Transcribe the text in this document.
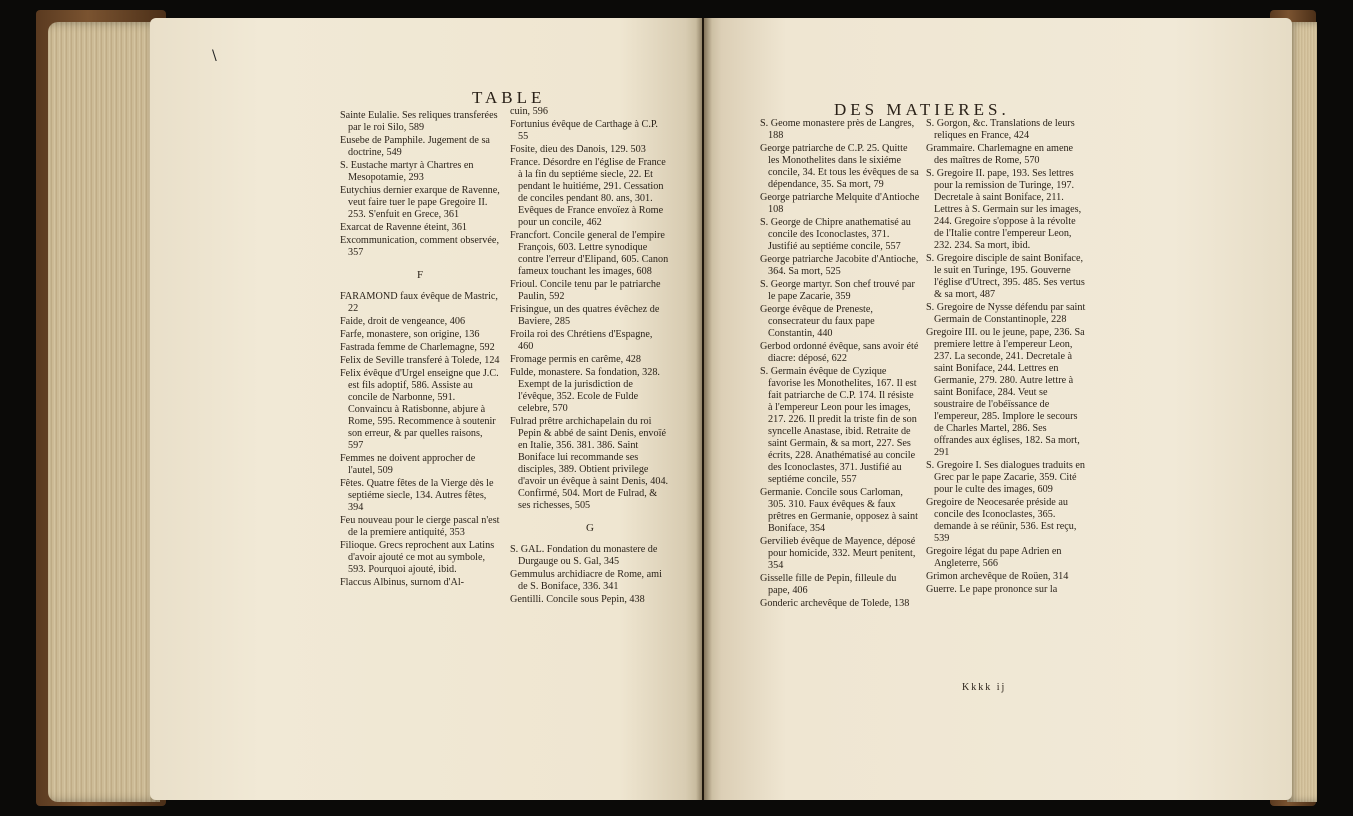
\
TABLE

Sainte Eulalie. Ses reliques transferées par le roi Silo, 589

Eusebe de Pamphile. Jugement de sa doctrine, 549

S. Eustache martyr à Chartres en Mesopotamie, 293

Eutychius dernier exarque de Ravenne, veut faire tuer le pape Gregoire II. 253. S'enfuit en Grece, 361

Exarcat de Ravenne éteint, 361

Excommunication, comment observée, 357

F

FARAMOND faux évêque de Mastric, 22

Faide, droit de vengeance, 406

Farfe, monastere, son origine, 136

Fastrada femme de Charlemagne, 592

Felix de Seville transferé à Tolede, 124

Felix évêque d'Urgel enseigne que J.C. est fils adoptif, 586. Assiste au concile de Narbonne, 591. Convaincu à Ratisbonne, abjure à Rome, 595. Recommence à soutenir son erreur, & par quelles raisons, 597

Femmes ne doivent approcher de l'autel, 509

Fêtes. Quatre fêtes de la Vierge dès le septiéme siecle, 134. Autres fêtes, 394

Feu nouveau pour le cierge pascal n'est de la premiere antiquité, 353

Filioque. Grecs reprochent aux Latins d'avoir ajouté ce mot au symbole, 593. Pourquoi ajouté, ibid.

Flaccus Albinus, surnom d'Al-

cuin, 596

Fortunius évêque de Carthage à C.P. 55

Fosite, dieu des Danois, 129. 503

France. Désordre en l'église de France à la fin du septiéme siecle, 22. Et pendant le huitiéme, 291. Cessation de conciles pendant 80. ans, 301. Evêques de France envoïez à Rome pour un concile, 462

Francfort. Concile general de l'empire François, 603. Lettre synodique contre l'erreur d'Elipand, 605. Canon fameux touchant les images, 608

Frioul. Concile tenu par le patriarche Paulin, 592

Frisingue, un des quatres évêchez de Baviere, 285

Froila roi des Chrétiens d'Espagne, 460

Fromage permis en carême, 428

Fulde, monastere. Sa fondation, 328. Exempt de la jurisdiction de l'évêque, 352. Ecole de Fulde celebre, 570

Fulrad prêtre archichapelain du roi Pepin & abbé de saint Denis, envoïé en Italie, 356. 381. 386. Saint Boniface lui recommande ses disciples, 389. Obtient privilege d'avoir un évêque à saint Denis, 404. Confirmé, 504. Mort de Fulrad, & ses richesses, 505

G

S. GAL. Fondation du monastere de Durgauge ou S. Gal, 345

Gemmulus archidiacre de Rome, ami de S. Boniface, 336. 341

Gentilli. Concile sous Pepin, 438

DES MATIERES.

S. Geome monastere près de Langres, 188

George patriarche de C.P. 25. Quitte les Monothelites dans le sixiéme concile, 34. Et tous les évêques de sa dépendance, 35. Sa mort, 79

George patriarche Melquite d'Antioche 108

S. George de Chipre anathematisé au concile des Iconoclastes, 371. Justifié au septiéme concile, 557

George patriarche Jacobite d'Antioche, 364. Sa mort, 525

S. George martyr. Son chef trouvé par le pape Zacarie, 359

George évêque de Preneste, consecrateur du faux pape Constantin, 440

Gerbod ordonné évêque, sans avoir été diacre: déposé, 622

S. Germain évêque de Cyzique favorise les Monothelites, 167. Il est fait patriarche de C.P. 174. Il résiste à l'empereur Leon pour les images, 217. 226. Il predit la triste fin de son syncelle Anastase, ibid. Retraite de saint Germain, & sa mort, 227. Ses écrits, 228. Anathématisé au concile des Iconoclastes, 371. Justifié au septiéme concile, 557

Germanie. Concile sous Carloman, 305. 310. Faux évêques & faux prêtres en Germanie, opposez à saint Boniface, 354

Gervilieb évêque de Mayence, déposé pour homicide, 332. Meurt penitent, 354

Gisselle fille de Pepin, filleule du pape, 406

Gonderic archevêque de Tolede, 138

S. Gorgon, &c. Translations de leurs reliques en France, 424

Grammaire. Charlemagne en amene des maîtres de Rome, 570

S. Gregoire II. pape, 193. Ses lettres pour la remission de Turinge, 197. Decretale à saint Boniface, 211. Lettres à S. Germain sur les images, 244. Gregoire s'oppose à la révolte de l'Italie contre l'empereur Leon, 232. 234. Sa mort, ibid.

S. Gregoire disciple de saint Boniface, le suit en Turinge, 195. Gouverne l'église d'Utrect, 395. 485. Ses vertus & sa mort, 487

S. Gregoire de Nysse défendu par saint Germain de Constantinople, 228

Gregoire III. ou le jeune, pape, 236. Sa premiere lettre à l'empereur Leon, 237. La seconde, 241. Decretale à saint Boniface, 244. Lettres en Germanie, 279. 280. Autre lettre à saint Boniface, 284. Veut se soustraire de l'obéïssance de l'empereur, 285. Implore le secours de Charles Martel, 286. Ses offrandes aux églises, 182. Sa mort, 291

S. Gregoire I. Ses dialogues traduits en Grec par le pape Zacarie, 359. Cité pour le culte des images, 609

Gregoire de Neocesarée préside au concile des Iconoclastes, 365. demande à se réünir, 536. Est reçu, 539

Gregoire légat du pape Adrien en Angleterre, 566

Grimon archevêque de Roüen, 314

Guerre. Le pape prononce sur la

Kkkk ij
